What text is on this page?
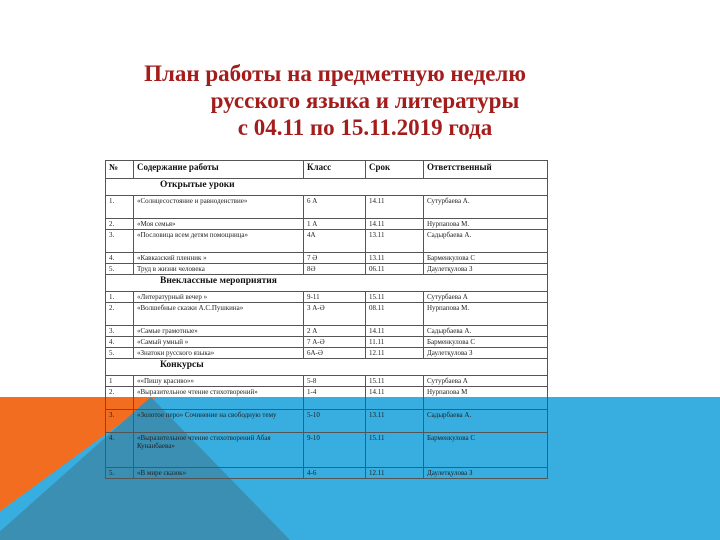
План работы на предметную неделю
русского языка и литературы
с 04.11 по 15.11.2019 года
№	Содержание работы	Класс	Срок	Ответственный
Открытые уроки				
1.	«Солнцесостояние и равноденствие»	6 А	14.11	Сутурбаева А.
2.	«Моя семья»	1 А	14.11	Нурпапова М.
3.	«Пословица всем детям помощница»	4А	13.11	Садырбаева А.
4.	«Кавказский пленник »	7 Ә	13.11	Барменкулова С
5.	Труд в жизни человека	8Ә	06.11	Даулетқулова З
Внеклассные мероприятия				
1.	«Литературный вечер »	9-11	15.11	Сутурбаева А
2.	«Волшебные сказки А.С.Пушкина»	3 А-Ә	08.11	Нурпапова М.
3.	«Самые грамотные»	2 А	14.11	Садырбаева А.
4.	«Самый умный »	7 А-Ә	11.11	Барменкулова С
5.	«Знатоки русского языка»	6А-Ә	12.11	Даулетқулова З
Конкурсы				
1	««Пишу красиво»»	5-8	15.11	Сутурбаева А
2.	«Выразительное чтение стихотворений»	1-4	14.11	Нурпапова М
3.	«Золотое перо» Сочинение на свободную тему	5-10	13.11	Садырбаева А.
4.	«Выразительное чтение стихотворений Абая Кунанбаева»	9-10	15.11	Барменкулова С
5.	«В мире сказок»	4-6	12.11	Даулетқулова З
